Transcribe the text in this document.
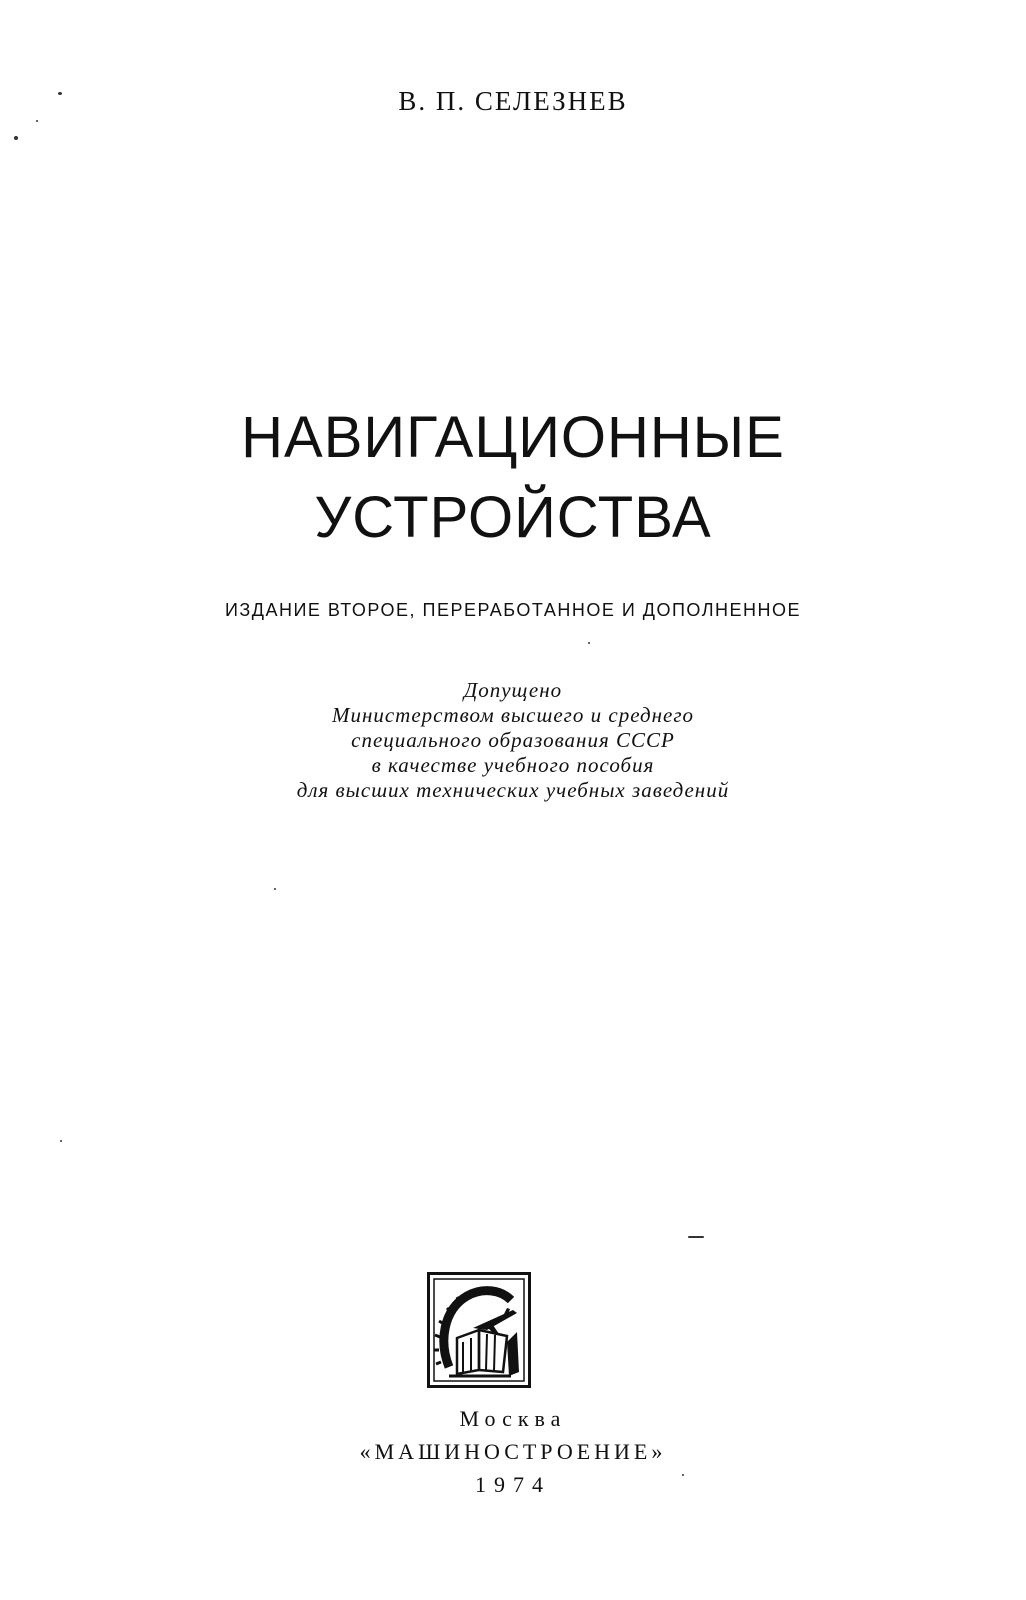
В. П. СЕЛЕЗНЕВ
НАВИГАЦИОННЫЕ
УСТРОЙСТВА
ИЗДАНИЕ ВТОРОЕ, ПЕРЕРАБОТАННОЕ И ДОПОЛНЕННОЕ
Допущено
Министерством высшего и среднего
специального образования СССР
в качестве учебного пособия
для высших технических учебных заведений
Москва
«МАШИНОСТРОЕНИЕ»
1974
